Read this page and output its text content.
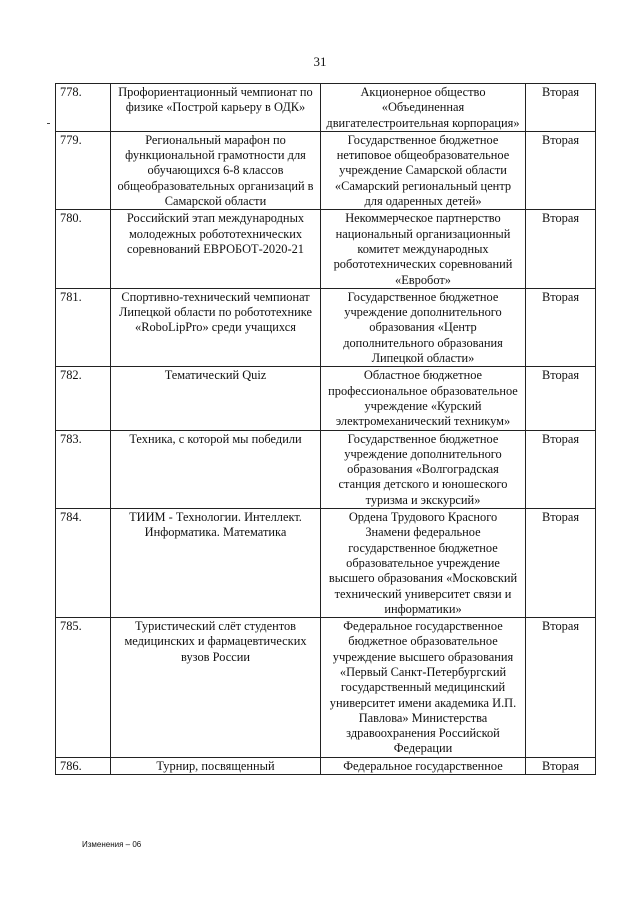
31
778.	Профориентационный чемпионат по физике «Построй карьеру в ОДК»	Акционерное общество «Объединенная двигателестроительная корпорация»	Вторая
779.	Региональный марафон по функциональной грамотности для обучающихся 6-8 классов общеобразовательных организаций в Самарской области	Государственное бюджетное нетиповое общеобразовательное учреждение Самарской области «Самарский региональный центр для одаренных детей»	Вторая
780.	Российский этап международных молодежных робототехнических соревнований ЕВРОБОТ-2020-21	Некоммерческое партнерство национальный организационный комитет международных робототехнических соревнований «Евробот»	Вторая
781.	Спортивно-технический чемпионат Липецкой области по робототехнике «RoboLipPro» среди учащихся	Государственное бюджетное учреждение дополнительного образования «Центр дополнительного образования Липецкой области»	Вторая
782.	Тематический Quiz	Областное бюджетное профессиональное образовательное учреждение «Курский электромеханический техникум»	Вторая
783.	Техника, с которой мы победили	Государственное бюджетное учреждение дополнительного образования «Волгоградская станция детского и юношеского туризма и экскурсий»	Вторая
784.	ТИИМ - Технологии. Интеллект. Информатика. Математика	Ордена Трудового Красного Знамени федеральное государственное бюджетное образовательное учреждение высшего образования «Московский технический университет связи и информатики»	Вторая
785.	Туристический слёт студентов медицинских и фармацевтических вузов России	Федеральное государственное бюджетное образовательное учреждение высшего образования «Первый Санкт-Петербургский государственный медицинский университет имени академика И.П. Павлова» Министерства здравоохранения Российской Федерации	Вторая
786.	Турнир, посвященный	Федеральное государственное	Вторая
Изменения – 06
